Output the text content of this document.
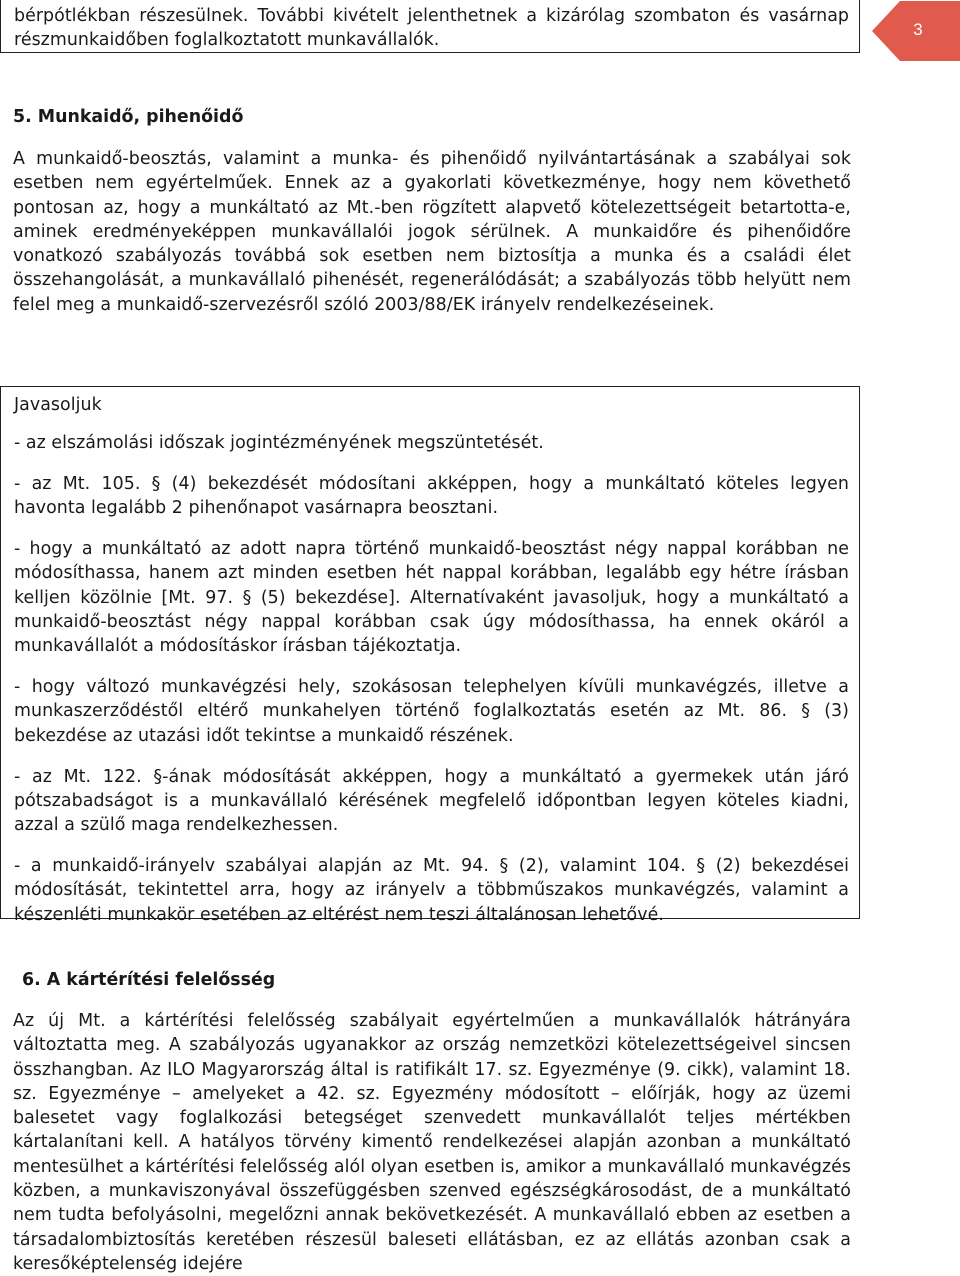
bérpótlékban részesülnek. További kivételt jelenthetnek a kizárólag szombaton és vasárnap részmunkaidőben foglalkoztatott munkavállalók.

3
5. Munkaidő, pihenőidő

A munkaidő-beosztás, valamint a munka- és pihenőidő nyilvántartásának a szabályai sok esetben nem egyértelműek. Ennek az a gyakorlati következménye, hogy nem követhető pontosan az, hogy a munkáltató az Mt.-ben rögzített alapvető kötelezettségeit betartotta-e, aminek eredményeképpen munkavállalói jogok sérülnek. A munkaidőre és pihenőidőre vonatkozó szabályozás továbbá sok esetben nem biztosítja a munka és a családi élet összehangolását, a munkavállaló pihenését, regenerálódását; a szabályozás több helyütt nem felel meg a munkaidő-szervezésről szóló 2003/88/EK irányelv rendelkezéseinek.

Javasoljuk

- az elszámolási időszak jogintézményének megszüntetését.

- az Mt. 105. § (4) bekezdését módosítani akképpen, hogy a munkáltató köteles legyen havonta legalább 2 pihenőnapot vasárnapra beosztani.

- hogy a munkáltató az adott napra történő munkaidő-beosztást négy nappal korábban ne módosíthassa, hanem azt minden esetben hét nappal korábban, legalább egy hétre írásban kelljen közölnie [Mt. 97. § (5) bekezdése]. Alternatívaként javasoljuk, hogy a munkáltató a munkaidő-beosztást négy nappal korábban csak úgy módosíthassa, ha ennek okáról a munkavállalót a módosításkor írásban tájékoztatja.

- hogy változó munkavégzési hely, szokásosan telephelyen kívüli munkavégzés, illetve a munkaszerződéstől eltérő munkahelyen történő foglalkoztatás esetén az Mt. 86. § (3) bekezdése az utazási időt tekintse a munkaidő részének.

- az Mt. 122. §-ának módosítását akképpen, hogy a munkáltató a gyermekek után járó pótszabadságot is a munkavállaló kérésének megfelelő időpontban legyen köteles kiadni, azzal a szülő maga rendelkezhessen.

- a munkaidő-irányelv szabályai alapján az Mt. 94. § (2), valamint 104. § (2) bekezdései módosítását, tekintettel arra, hogy az irányelv a többműszakos munkavégzés, valamint a készenléti munkakör esetében az eltérést nem teszi általánosan lehetővé.

6. A kártérítési felelősség

Az új Mt. a kártérítési felelősség szabályait egyértelműen a munkavállalók hátrányára változtatta meg. A szabályozás ugyanakkor az ország nemzetközi kötelezettségeivel sincsen összhangban. Az ILO Magyarország által is ratifikált 17. sz. Egyezménye (9. cikk), valamint 18. sz. Egyezménye – amelyeket a 42. sz. Egyezmény módosított – előírják, hogy az üzemi balesetet vagy foglalkozási betegséget szenvedett munkavállalót teljes mértékben kártalanítani kell. A hatályos törvény kimentő rendelkezései alapján azonban a munkáltató mentesülhet a kártérítési felelősség alól olyan esetben is, amikor a munkavállaló munkavégzés közben, a munkaviszonyával összefüggésben szenved egészségkárosodást, de a munkáltató nem tudta befolyásolni, megelőzni annak bekövetkezését. A munkavállaló ebben az esetben a társadalombiztosítás keretében részesül baleseti ellátásban, ez az ellátás azonban csak a keresőképtelenség idejére
